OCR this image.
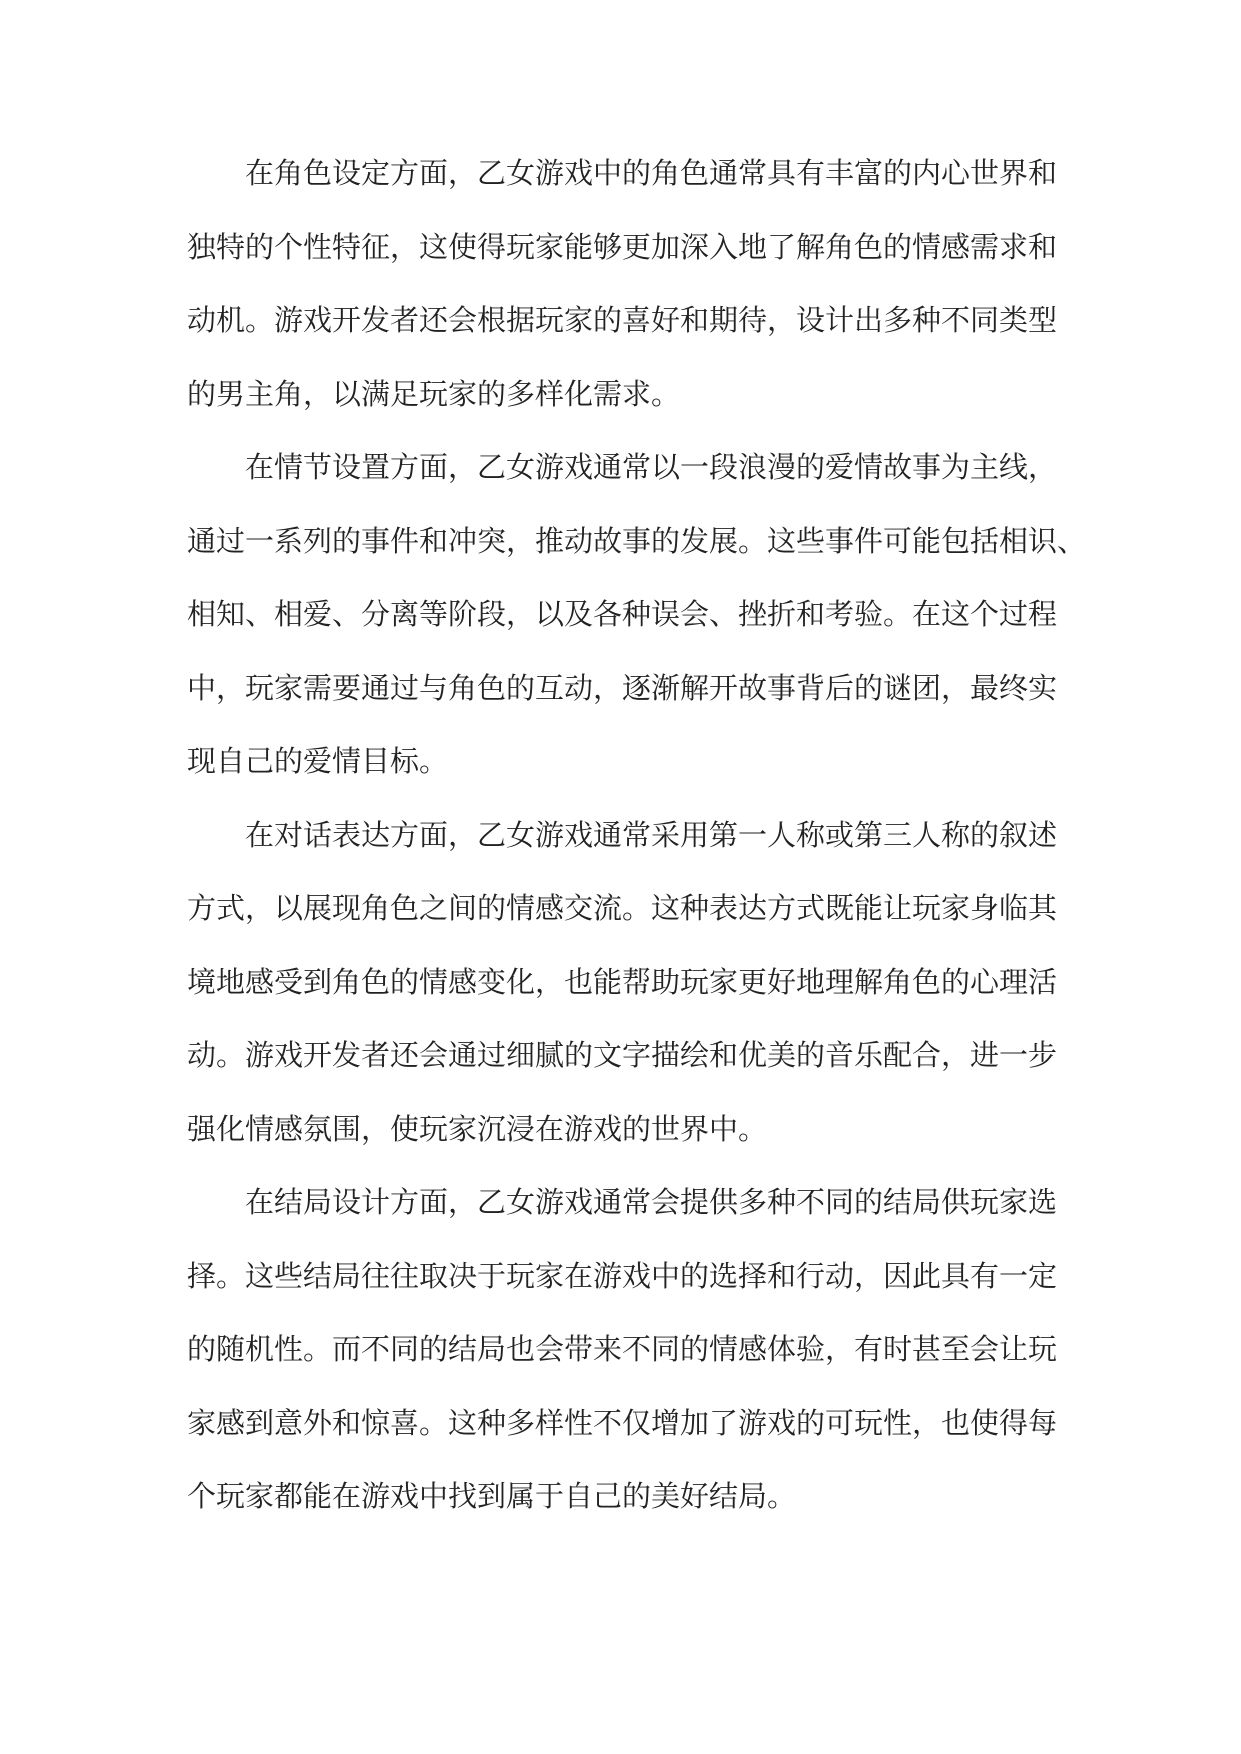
在角色设定方面，乙女游戏中的角色通常具有丰富的内心世界和
独特的个性特征，这使得玩家能够更加深入地了解角色的情感需求和
动机。游戏开发者还会根据玩家的喜好和期待，设计出多种不同类型
的男主角，以满足玩家的多样化需求。
在情节设置方面，乙女游戏通常以一段浪漫的爱情故事为主线，
通过一系列的事件和冲突，推动故事的发展。这些事件可能包括相识、
相知、相爱、分离等阶段，以及各种误会、挫折和考验。在这个过程
中，玩家需要通过与角色的互动，逐渐解开故事背后的谜团，最终实
现自己的爱情目标。
在对话表达方面，乙女游戏通常采用第一人称或第三人称的叙述
方式，以展现角色之间的情感交流。这种表达方式既能让玩家身临其
境地感受到角色的情感变化，也能帮助玩家更好地理解角色的心理活
动。游戏开发者还会通过细腻的文字描绘和优美的音乐配合，进一步
强化情感氛围，使玩家沉浸在游戏的世界中。
在结局设计方面，乙女游戏通常会提供多种不同的结局供玩家选
择。这些结局往往取决于玩家在游戏中的选择和行动，因此具有一定
的随机性。而不同的结局也会带来不同的情感体验，有时甚至会让玩
家感到意外和惊喜。这种多样性不仅增加了游戏的可玩性，也使得每
个玩家都能在游戏中找到属于自己的美好结局。
